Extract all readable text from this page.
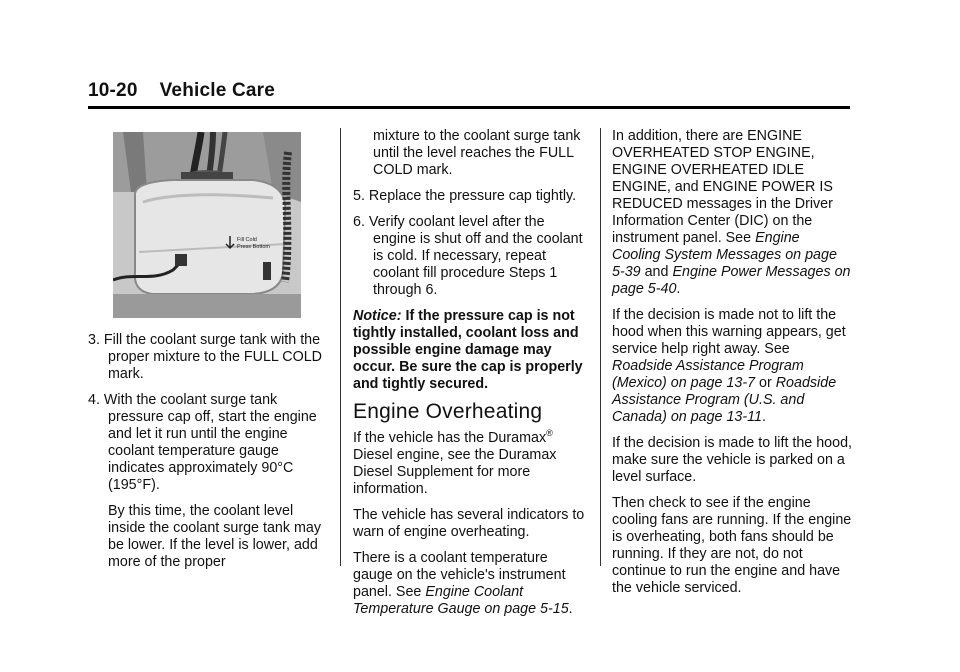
10-20 Vehicle Care
Fill Cold
Press Bottom
3. Fill the coolant surge tank with the proper mixture to the FULL COLD mark.
4. With the coolant surge tank pressure cap off, start the engine and let it run until the engine coolant temperature gauge indicates approximately 90°C (195°F).

By this time, the coolant level inside the coolant surge tank may be lower. If the level is lower, add more of the proper

mixture to the coolant surge tank until the level reaches the FULL COLD mark.

5. Replace the pressure cap tightly.
6. Verify coolant level after the engine is shut off and the coolant is cold. If necessary, repeat coolant fill procedure Steps 1 through 6.

Notice: If the pressure cap is not tightly installed, coolant loss and possible engine damage may occur. Be sure the cap is properly and tightly secured.

Engine Overheating

If the vehicle has the Duramax® Diesel engine, see the Duramax Diesel Supplement for more information.

The vehicle has several indicators to warn of engine overheating.

There is a coolant temperature gauge on the vehicle's instrument panel. See Engine Coolant Temperature Gauge on page 5-15.

In addition, there are ENGINE OVERHEATED STOP ENGINE, ENGINE OVERHEATED IDLE ENGINE, and ENGINE POWER IS REDUCED messages in the Driver Information Center (DIC) on the instrument panel. See Engine Cooling System Messages on page 5-39 and Engine Power Messages on page 5-40.

If the decision is made not to lift the hood when this warning appears, get service help right away. See Roadside Assistance Program (Mexico) on page 13-7 or Roadside Assistance Program (U.S. and Canada) on page 13-11.

If the decision is made to lift the hood, make sure the vehicle is parked on a level surface.

Then check to see if the engine cooling fans are running. If the engine is overheating, both fans should be running. If they are not, do not continue to run the engine and have the vehicle serviced.
